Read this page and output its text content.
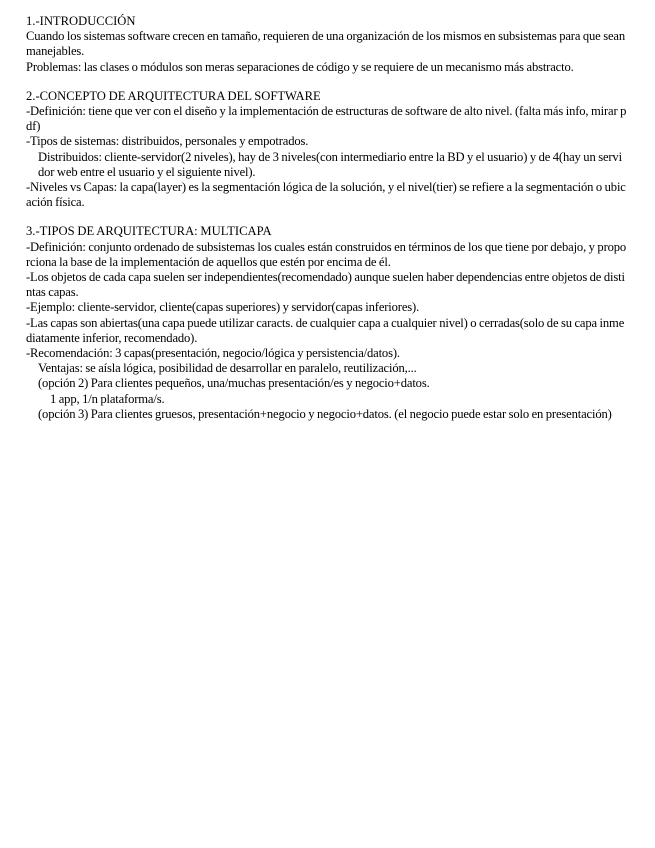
1.-INTRODUCCIÓN
Cuando los sistemas software crecen en tamaño, requieren de una organización de los mismos en subsistemas para que sean manejables.
Problemas: las clases o módulos son meras separaciones de código y se requiere de un mecanismo más abstracto.
2.-CONCEPTO DE ARQUITECTURA DEL SOFTWARE
-Definición: tiene que ver con el diseño y la implementación de estructuras de software de alto nivel. (falta más info, mirar pdf)
-Tipos de sistemas: distribuidos, personales y empotrados.
Distribuidos: cliente-servidor(2 niveles), hay de 3 niveles(con intermediario entre la BD y el usuario) y de 4(hay un servidor web entre el usuario y el siguiente nivel).
-Niveles vs Capas: la capa(layer) es la segmentación lógica de la solución, y el nivel(tier) se refiere a la segmentación o ubicación física.
3.-TIPOS DE ARQUITECTURA: MULTICAPA
-Definición: conjunto ordenado de subsistemas los cuales están construidos en términos de los que tiene por debajo, y proporciona la base de la implementación de aquellos que estén por encima de él.
-Los objetos de cada capa suelen ser independientes(recomendado) aunque suelen haber dependencias entre objetos de distintas capas.
-Ejemplo: cliente-servidor, cliente(capas superiores) y servidor(capas inferiores).
-Las capas son abiertas(una capa puede utilizar caracts. de cualquier capa a cualquier nivel) o cerradas(solo de su capa inmediatamente inferior, recomendado).
-Recomendación: 3 capas(presentación, negocio/lógica y persistencia/datos).
Ventajas: se aísla lógica, posibilidad de desarrollar en paralelo, reutilización,...
(opción 2) Para clientes pequeños, una/muchas presentación/es y negocio+datos.
1 app, 1/n plataforma/s.
(opción 3) Para clientes gruesos, presentación+negocio y negocio+datos. (el negocio puede estar solo en presentación)
